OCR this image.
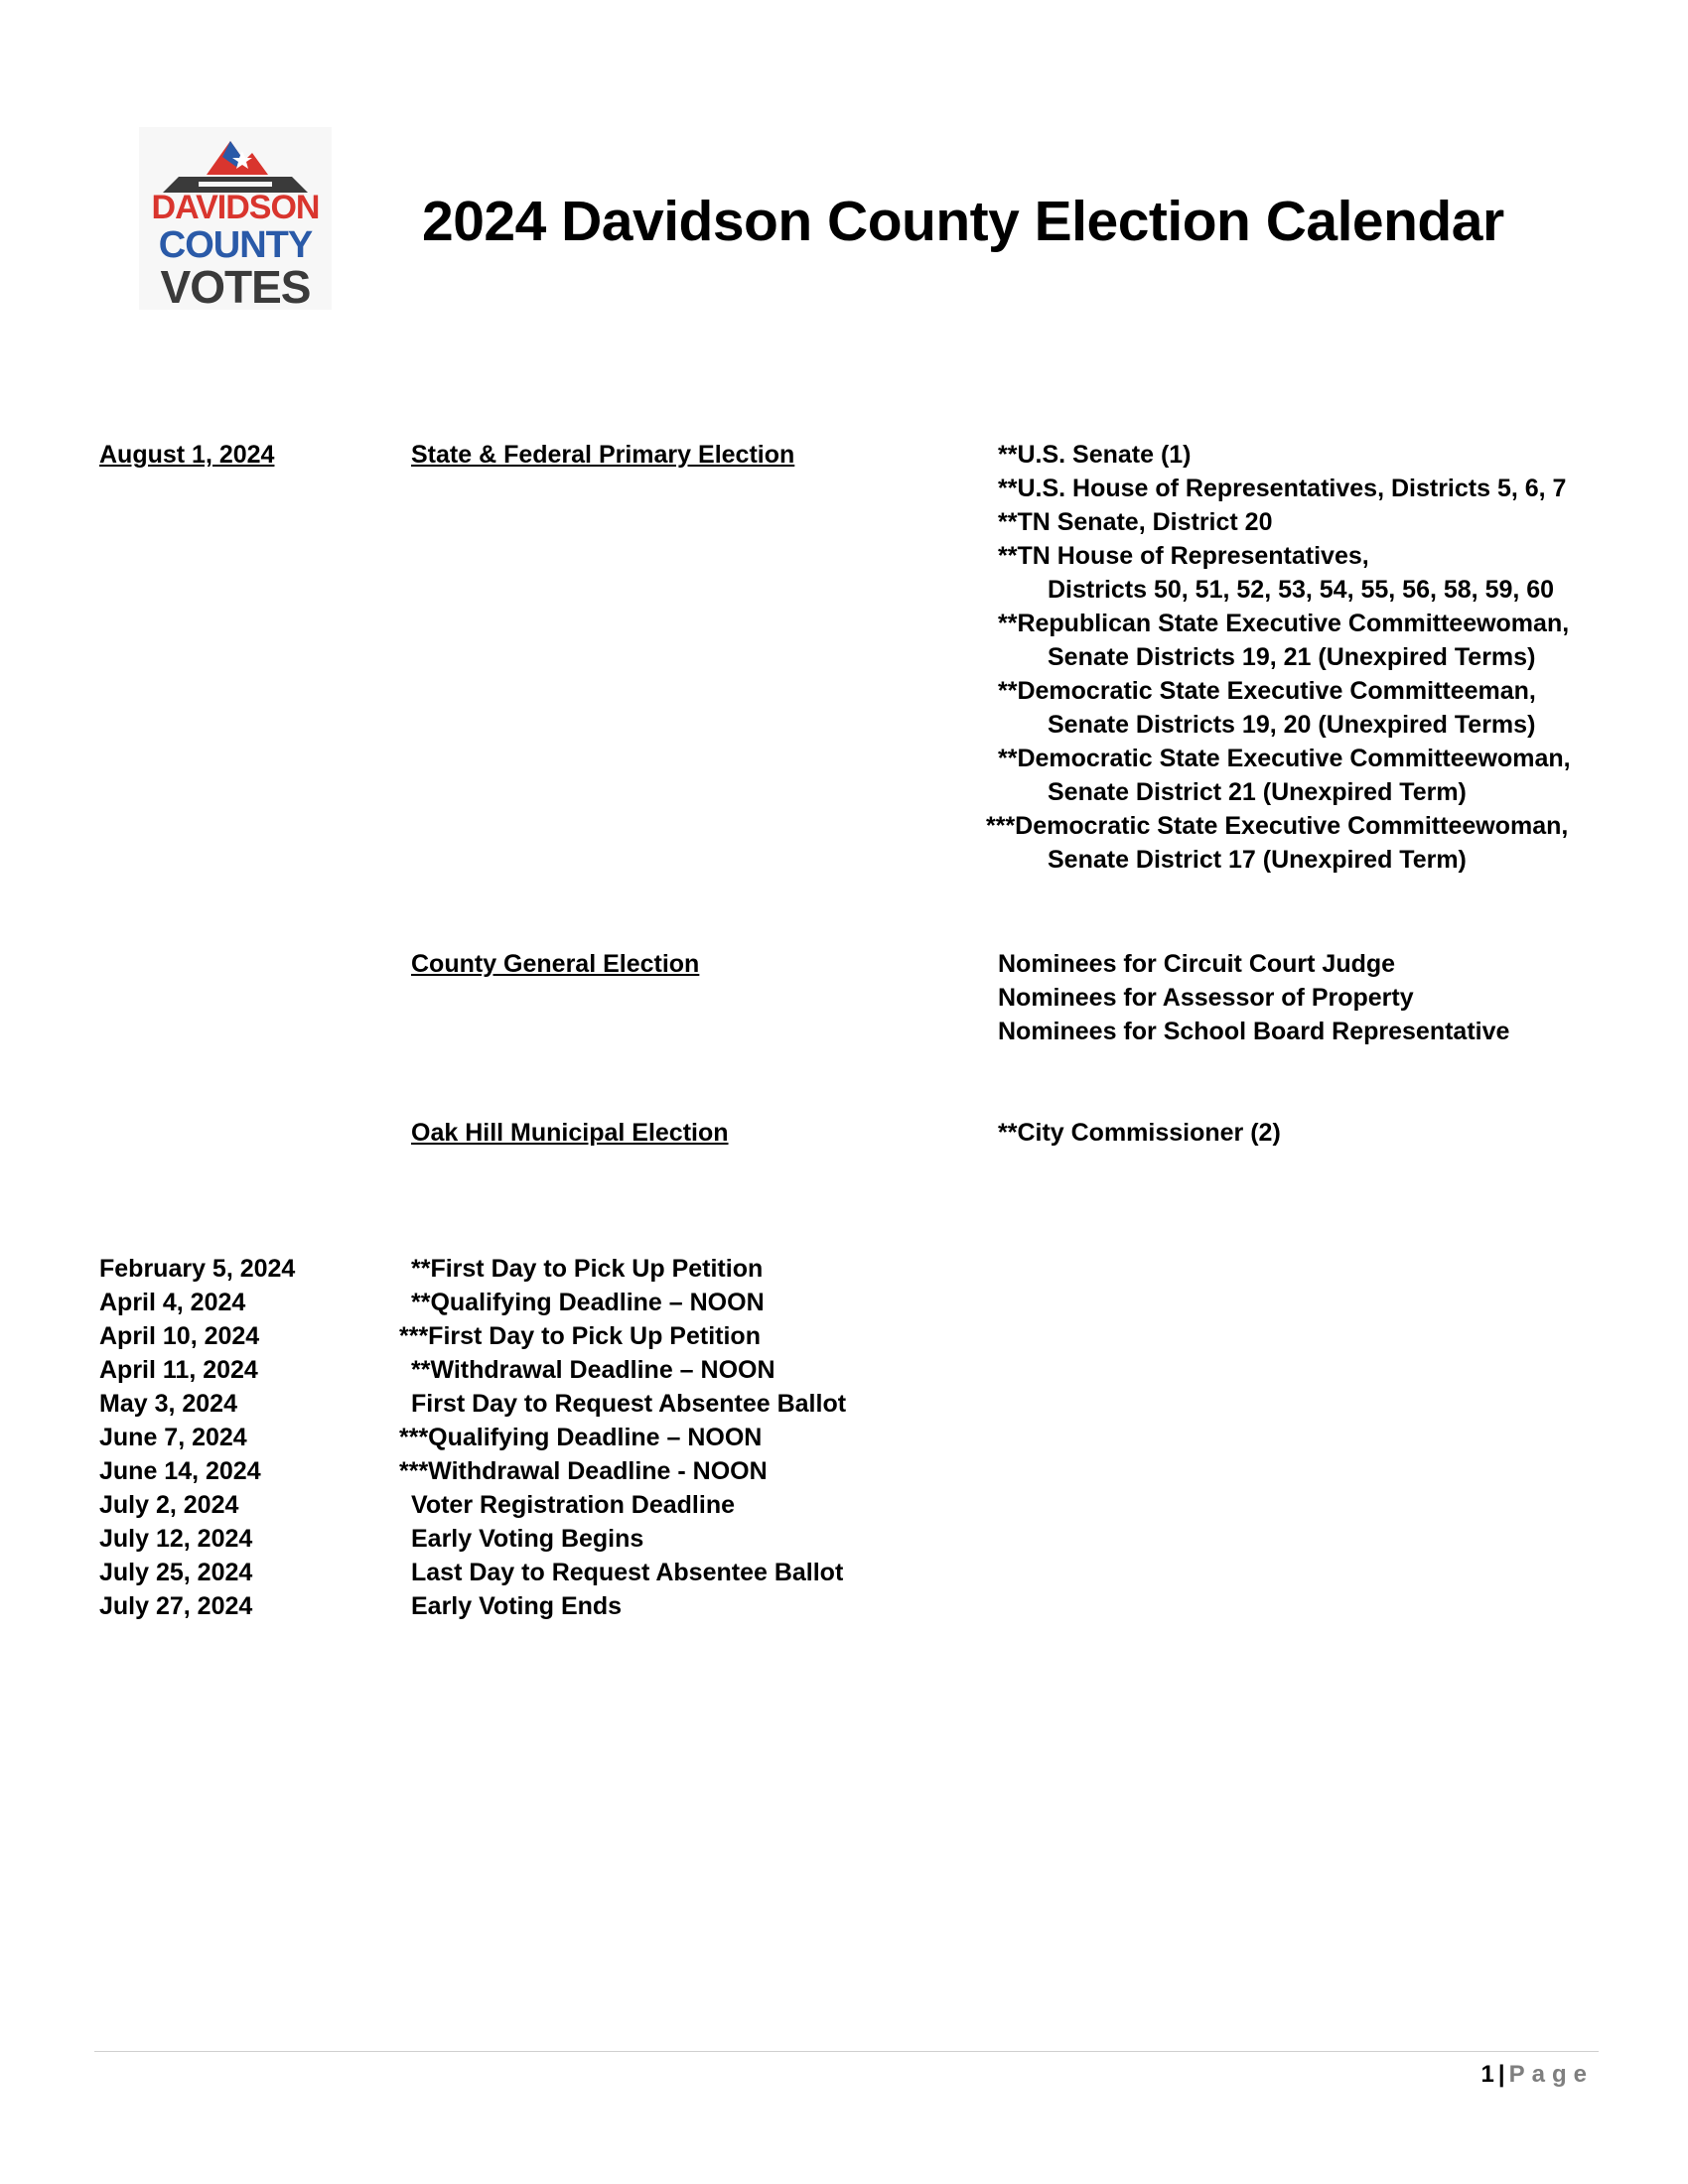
DAVIDSON
COUNTY
VOTES
2024 Davidson County Election Calendar
August 1, 2024	State & Federal Primary Election
County General Election
Oak Hill Municipal Election
**U.S. Senate (1)
**U.S. House of Representatives, Districts 5, 6, 7
**TN Senate, District 20
**TN House of Representatives,
Districts 50, 51, 52, 53, 54, 55, 56, 58, 59, 60
**Republican State Executive Committeewoman,
Senate Districts 19, 21 (Unexpired Terms)
**Democratic State Executive Committeeman,
Senate Districts 19, 20 (Unexpired Terms)
**Democratic State Executive Committeewoman,
Senate District 21 (Unexpired Term)
***Democratic State Executive Committeewoman,
Senate District 17 (Unexpired Term)
Nominees for Circuit Court Judge
Nominees for Assessor of Property
Nominees for School Board Representative
**City Commissioner (2)
February 5, 2024
April 4, 2024
April 10, 2024
April 11, 2024
May 3, 2024
June 7, 2024
June 14, 2024
July 2, 2024
July 12, 2024
July 25, 2024
July 27, 2024
**First Day to Pick Up Petition
**Qualifying Deadline – NOON
***First Day to Pick Up Petition
**Withdrawal Deadline – NOON
First Day to Request Absentee Ballot
***Qualifying Deadline – NOON
***Withdrawal Deadline - NOON
Voter Registration Deadline
Early Voting Begins
Last Day to Request Absentee Ballot
Early Voting Ends
1 | Page
